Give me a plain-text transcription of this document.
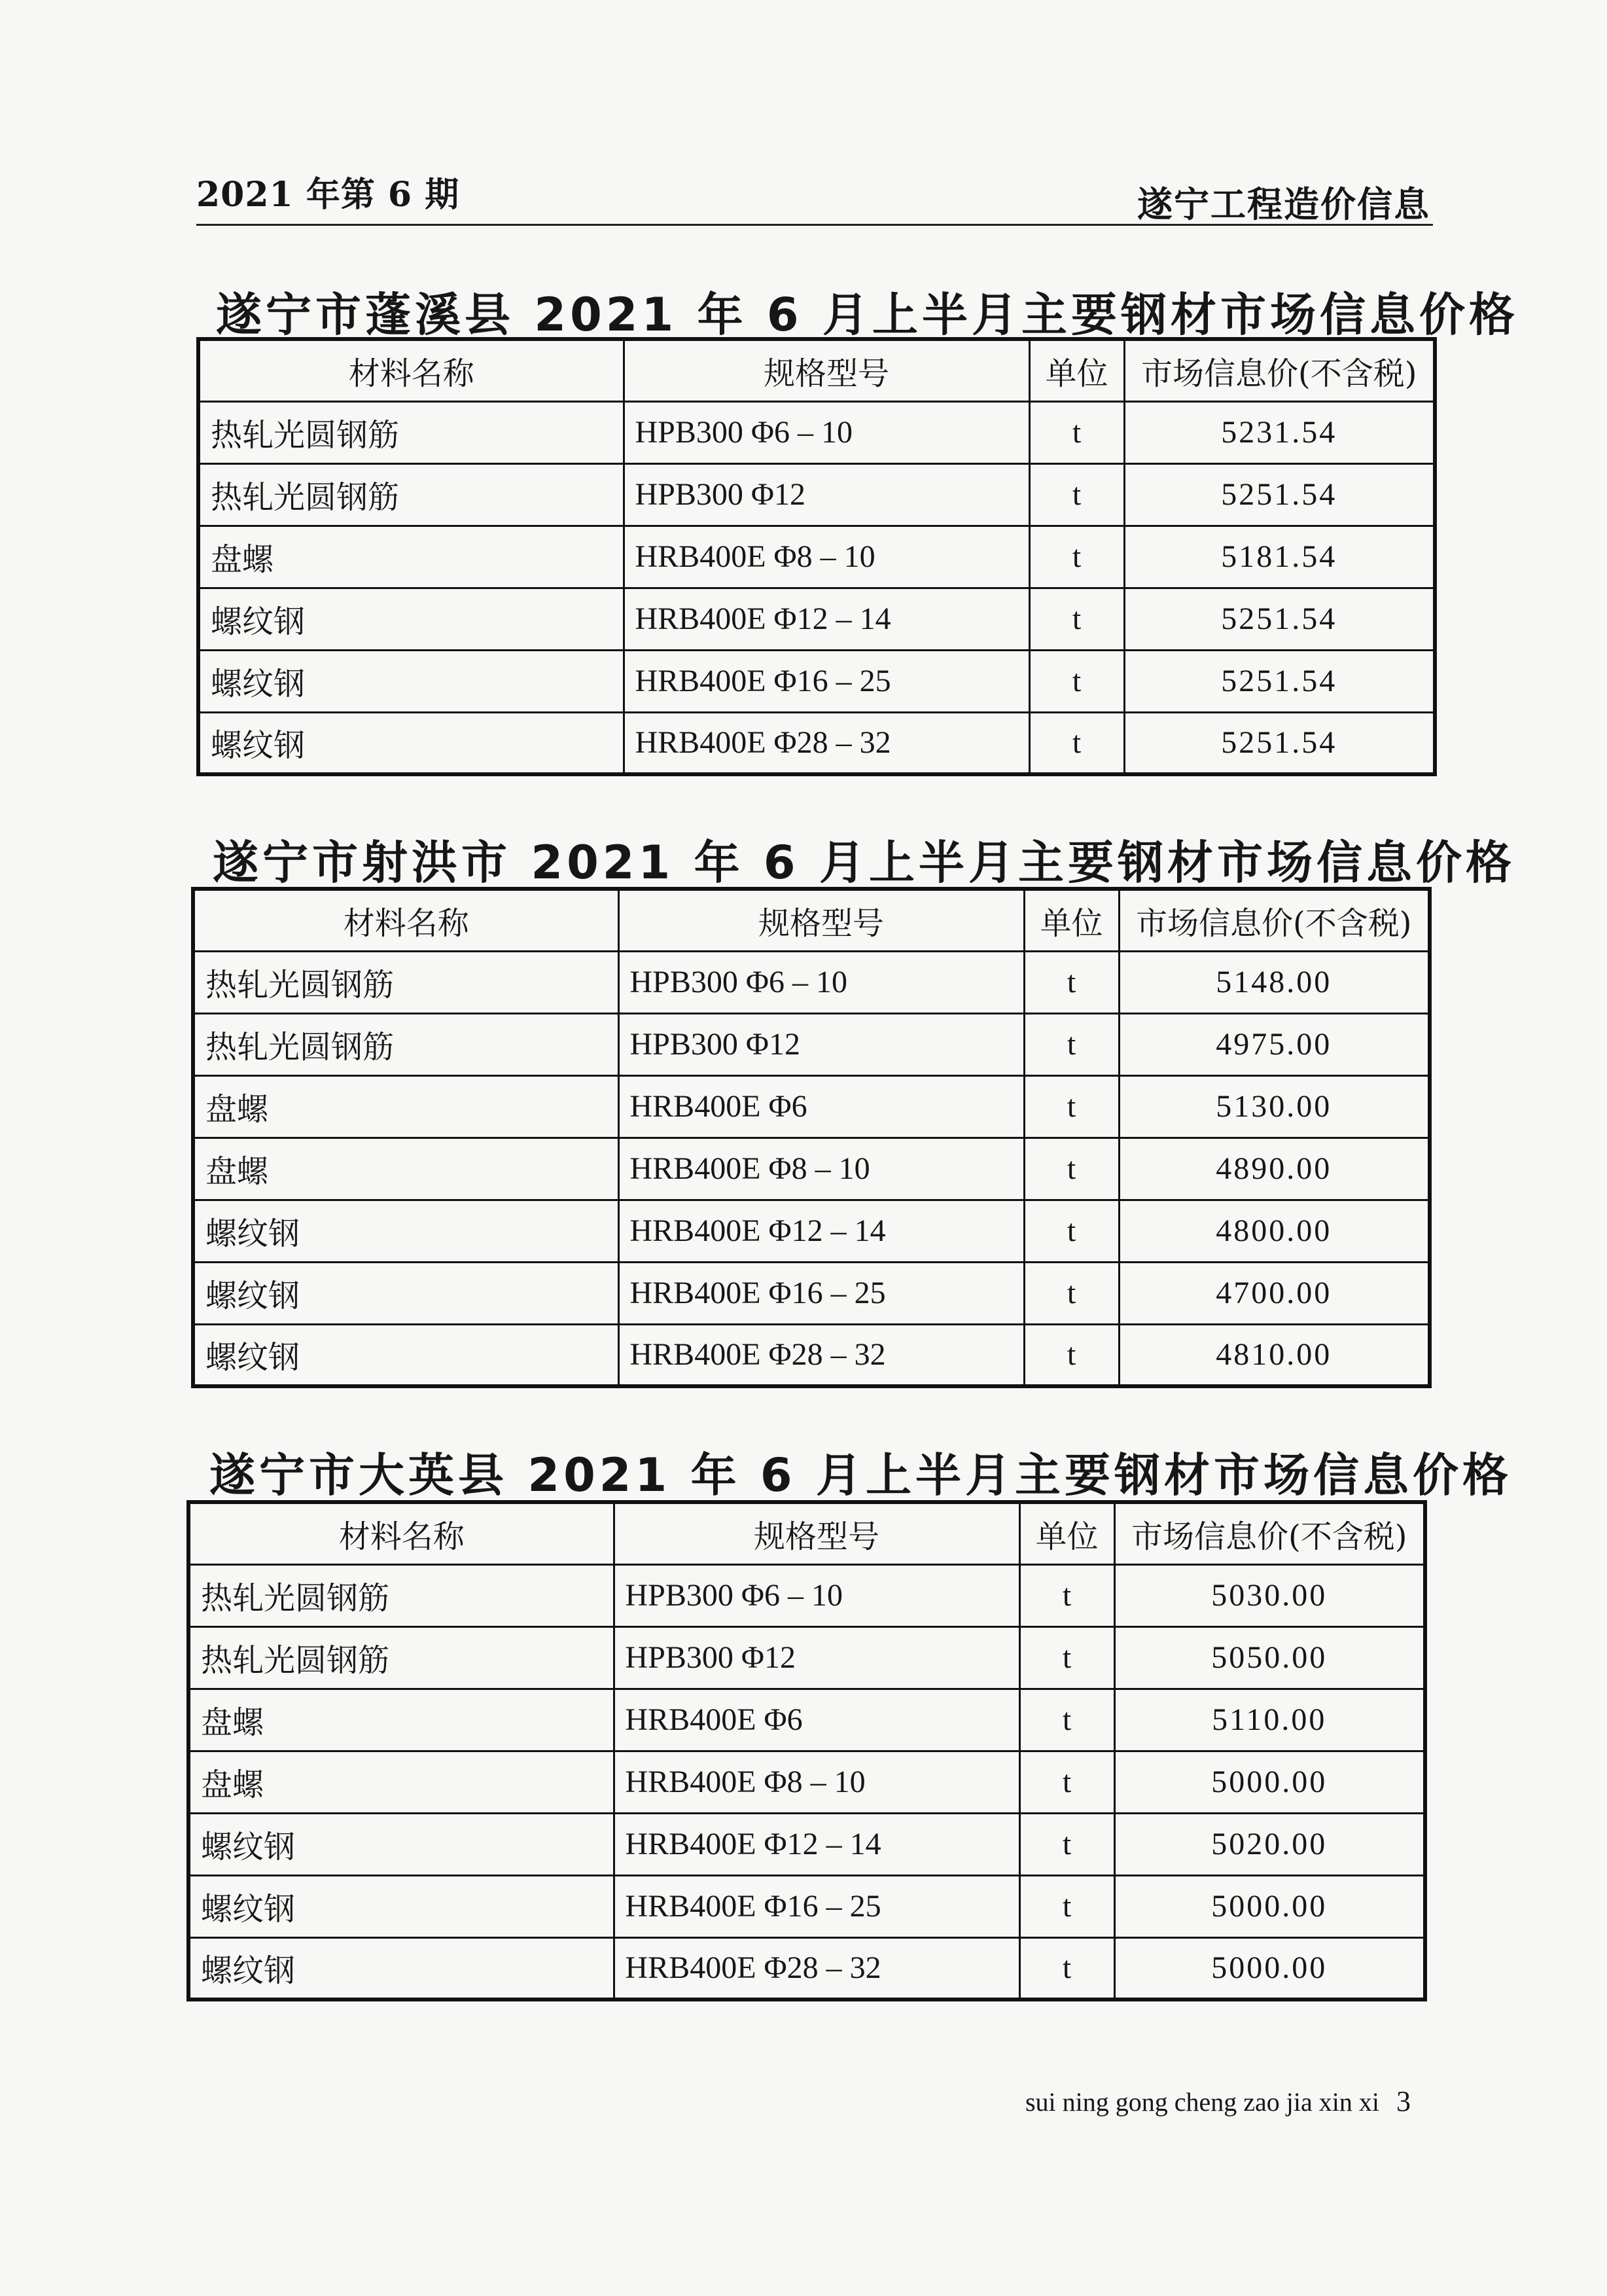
2021 年第 6 期	遂宁工程造价信息
遂宁市蓬溪县 2021 年 6 月上半月主要钢材市场信息价格
材料名称	规格型号	单位	市场信息价(不含税)
热轧光圆钢筋	HPB300 Φ6 – 10	t	5231.54
热轧光圆钢筋	HPB300 Φ12	t	5251.54
盘螺	HRB400E Φ8 – 10	t	5181.54
螺纹钢	HRB400E Φ12 – 14	t	5251.54
螺纹钢	HRB400E Φ16 – 25	t	5251.54
螺纹钢	HRB400E Φ28 – 32	t	5251.54
遂宁市射洪市 2021 年 6 月上半月主要钢材市场信息价格
材料名称	规格型号	单位	市场信息价(不含税)
热轧光圆钢筋	HPB300 Φ6 – 10	t	5148.00
热轧光圆钢筋	HPB300 Φ12	t	4975.00
盘螺	HRB400E Φ6	t	5130.00
盘螺	HRB400E Φ8 – 10	t	4890.00
螺纹钢	HRB400E Φ12 – 14	t	4800.00
螺纹钢	HRB400E Φ16 – 25	t	4700.00
螺纹钢	HRB400E Φ28 – 32	t	4810.00
遂宁市大英县 2021 年 6 月上半月主要钢材市场信息价格
材料名称	规格型号	单位	市场信息价(不含税)
热轧光圆钢筋	HPB300 Φ6 – 10	t	5030.00
热轧光圆钢筋	HPB300 Φ12	t	5050.00
盘螺	HRB400E Φ6	t	5110.00
盘螺	HRB400E Φ8 – 10	t	5000.00
螺纹钢	HRB400E Φ12 – 14	t	5020.00
螺纹钢	HRB400E Φ16 – 25	t	5000.00
螺纹钢	HRB400E Φ28 – 32	t	5000.00
sui ning gong cheng zao jia xin xi 3
